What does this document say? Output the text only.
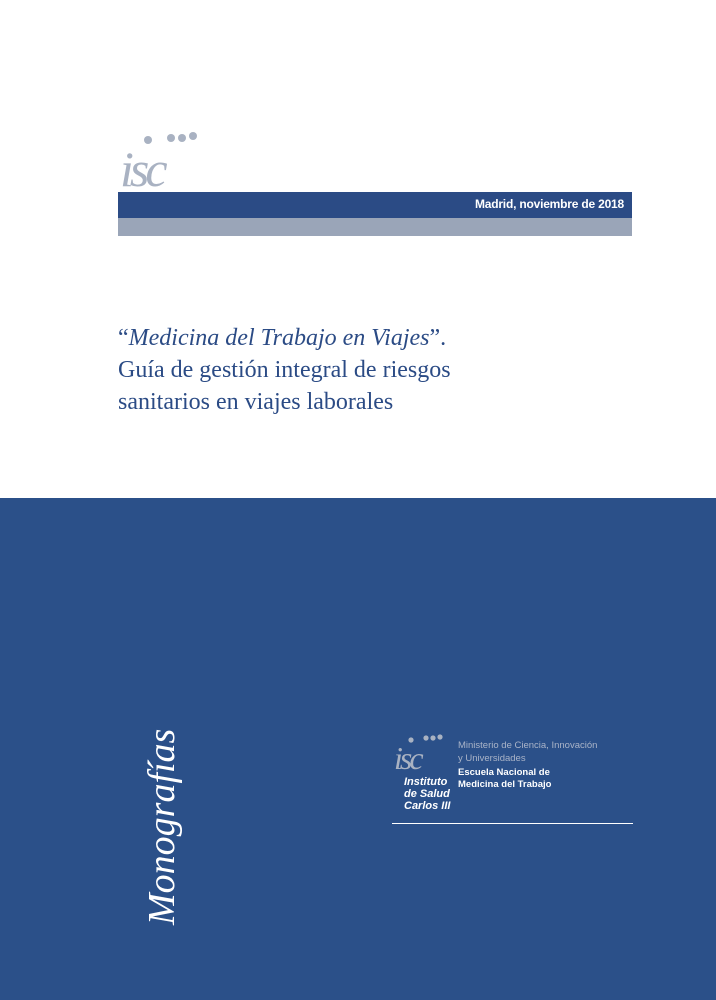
isc
Madrid, noviembre de 2018
“Medicina del Trabajo en Viajes”.
Guía de gestión integral de riesgos
sanitarios en viajes laborales
Monografías	isc
Instituto
de Salud
Carlos III
Ministerio de Ciencia, Innovación
y Universidades
Escuela Nacional de
Medicina del Trabajo
